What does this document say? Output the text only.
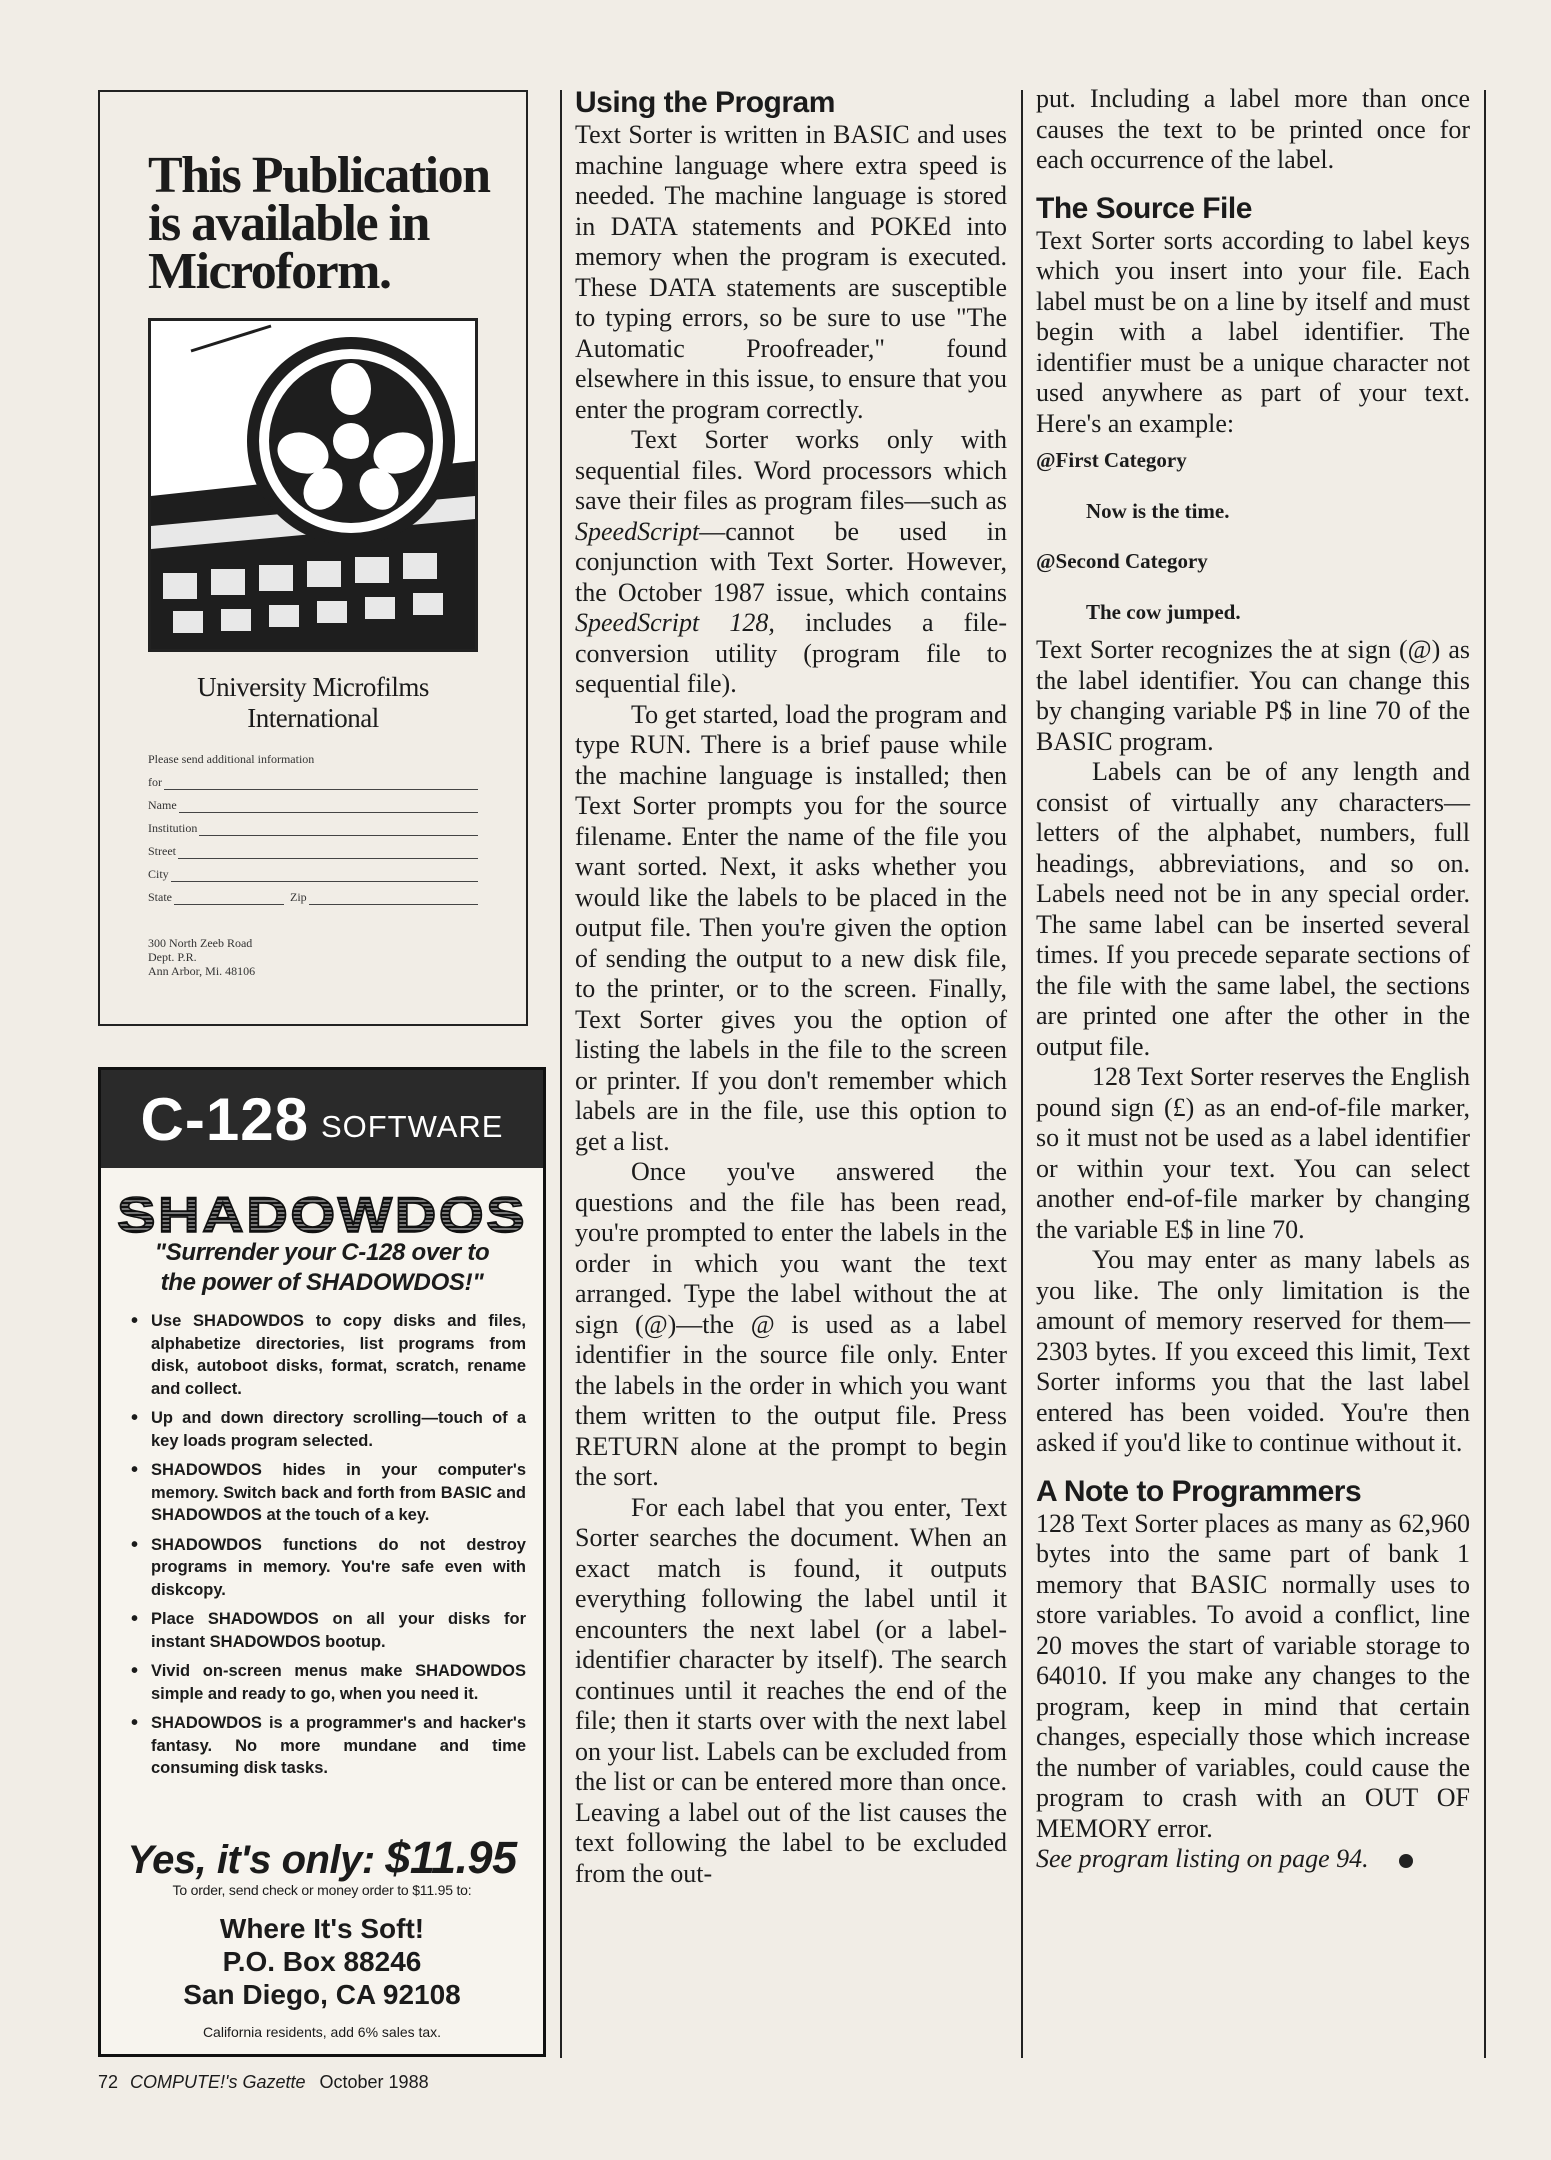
This Publication
is available in
Microform.
University Microfilms
International
Please send additional information
for
Name
Institution
Street
City
State	Zip
300 North Zeeb Road
Dept. P.R.
Ann Arbor, Mi. 48106
C-128 SOFTWARE
SHADOWDOS
"Surrender your C-128 over to
the power of SHADOWDOS!"
• Use SHADOWDOS to copy disks and files, alphabetize directories, list programs from disk, autoboot disks, format, scratch, rename and collect.
• Up and down directory scrolling—touch of a key loads program selected.
• SHADOWDOS hides in your computer's memory. Switch back and forth from BASIC and SHADOWDOS at the touch of a key.
• SHADOWDOS functions do not destroy programs in memory. You're safe even with diskcopy.
• Place SHADOWDOS on all your disks for instant SHADOWDOS bootup.
• Vivid on-screen menus make SHADOWDOS simple and ready to go, when you need it.
• SHADOWDOS is a programmer's and hacker's fantasy. No more mundane and time consuming disk tasks.
Yes, it's only: $11.95
To order, send check or money order to $11.95 to:
Where It's Soft!
P.O. Box 88246
San Diego, CA 92108
California residents, add 6% sales tax.
Using the Program

Text Sorter is written in BASIC and uses machine language where extra speed is needed. The machine language is stored in DATA statements and POKEd into memory when the program is executed. These DATA statements are susceptible to typing errors, so be sure to use "The Automatic Proofreader," found elsewhere in this issue, to ensure that you enter the program correctly.

Text Sorter works only with sequential files. Word processors which save their files as program files—such as SpeedScript—cannot be used in conjunction with Text Sorter. However, the October 1987 issue, which contains SpeedScript 128, includes a file-conversion utility (program file to sequential file).

To get started, load the program and type RUN. There is a brief pause while the machine language is installed; then Text Sorter prompts you for the source filename. Enter the name of the file you want sorted. Next, it asks whether you would like the labels to be placed in the output file. Then you're given the option of sending the output to a new disk file, to the printer, or to the screen. Finally, Text Sorter gives you the option of listing the labels in the file to the screen or printer. If you don't remember which labels are in the file, use this option to get a list.

Once you've answered the questions and the file has been read, you're prompted to enter the labels in the order in which you want the text arranged. Type the label without the at sign (@)—the @ is used as a label identifier in the source file only. Enter the labels in the order in which you want them written to the output file. Press RETURN alone at the prompt to begin the sort.

For each label that you enter, Text Sorter searches the document. When an exact match is found, it outputs everything following the label until it encounters the next label (or a label-identifier character by itself). The search continues until it reaches the end of the file; then it starts over with the next label on your list. Labels can be excluded from the list or can be entered more than once. Leaving a label out of the list causes the text following the label to be excluded from the out-

put. Including a label more than once causes the text to be printed once for each occurrence of the label.

The Source File

Text Sorter sorts according to label keys which you insert into your file. Each label must be on a line by itself and must begin with a label identifier. The identifier must be a unique character not used anywhere as part of your text. Here's an example:

@First Category

Now is the time.

@Second Category

The cow jumped.

Text Sorter recognizes the at sign (@) as the label identifier. You can change this by changing variable P$ in line 70 of the BASIC program.

Labels can be of any length and consist of virtually any characters—letters of the alphabet, numbers, full headings, abbreviations, and so on. Labels need not be in any special order. The same label can be inserted several times. If you precede separate sections of the file with the same label, the sections are printed one after the other in the output file.

128 Text Sorter reserves the English pound sign (£) as an end-of-file marker, so it must not be used as a label identifier or within your text. You can select another end-of-file marker by changing the variable E$ in line 70.

You may enter as many labels as you like. The only limitation is the amount of memory reserved for them—2303 bytes. If you exceed this limit, Text Sorter informs you that the last label entered has been voided. You're then asked if you'd like to continue without it.

A Note to Programmers

128 Text Sorter places as many as 62,960 bytes into the same part of bank 1 memory that BASIC normally uses to store variables. To avoid a conflict, line 20 moves the start of variable storage to 64010. If you make any changes to the program, keep in mind that certain changes, especially those which increase the number of variables, could cause the program to crash with an OUT OF MEMORY error.

See program listing on page 94.

72 COMPUTE!'s Gazette October 1988
